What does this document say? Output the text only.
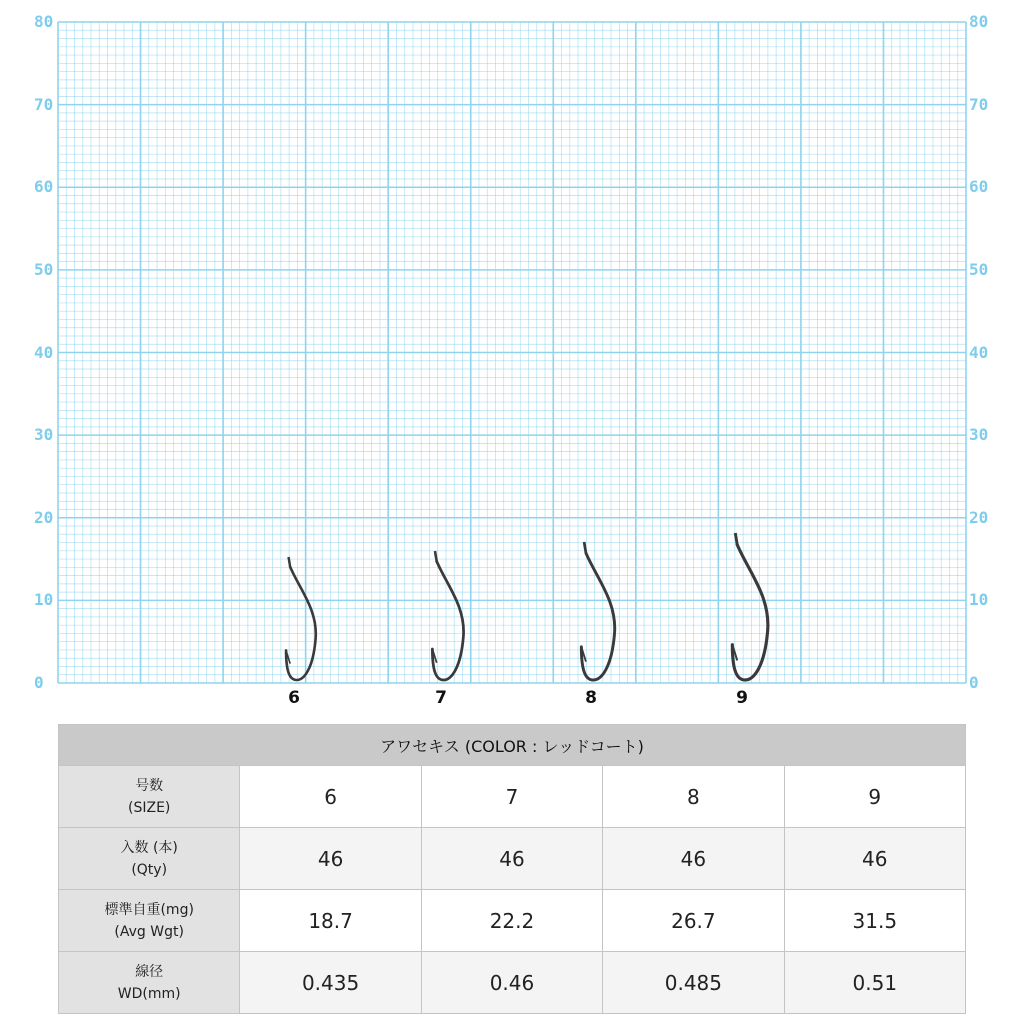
0
10
20
30
40
50
60
70
80
0
10
20
30
40
50
60
70
80
6	7	8	9
アワセキス (COLOR : レッドコート)				

号数
(SIZE)	6	7	8	9

入数 (本)
(Qty)	46	46	46	46

標準自重(mg)
(Avg Wgt)	18.7	22.2	26.7	31.5

線径
WD(mm)	0.435	0.46	0.485	0.51
